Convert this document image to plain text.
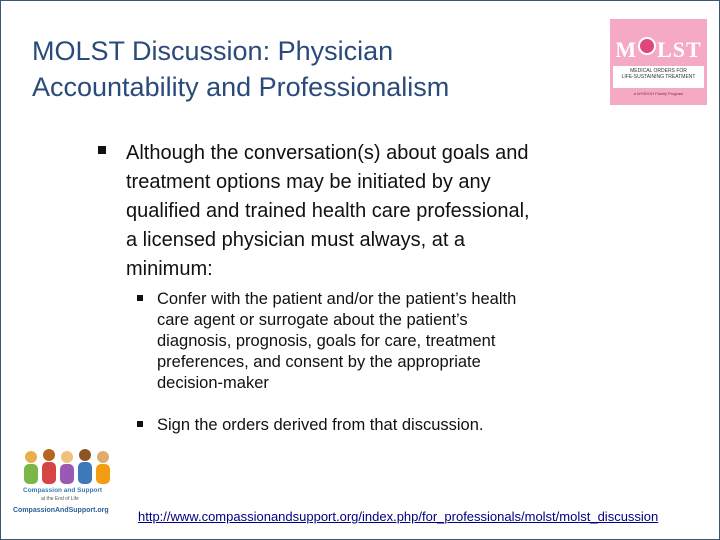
MOLST Discussion: Physician
Accountability and Professionalism
M LST
MEDICAL ORDERS FOR
LIFE-SUSTAINING TREATMENT
a NYSDOH Family Program
Although the conversation(s) about goals and
treatment options may be initiated by any
qualified and trained health care professional,
a licensed physician must always, at a
minimum:
Confer with the patient and/or the patient’s health
care agent or surrogate about the patient’s
diagnosis, prognosis, goals for care, treatment
preferences, and consent by the appropriate
decision-maker
Sign the orders derived from that discussion.
Compassion and Support
at the End of Life
CompassionAndSupport.org http://www.compassionandsupport.org/index.php/for_professionals/molst/molst_discussion
